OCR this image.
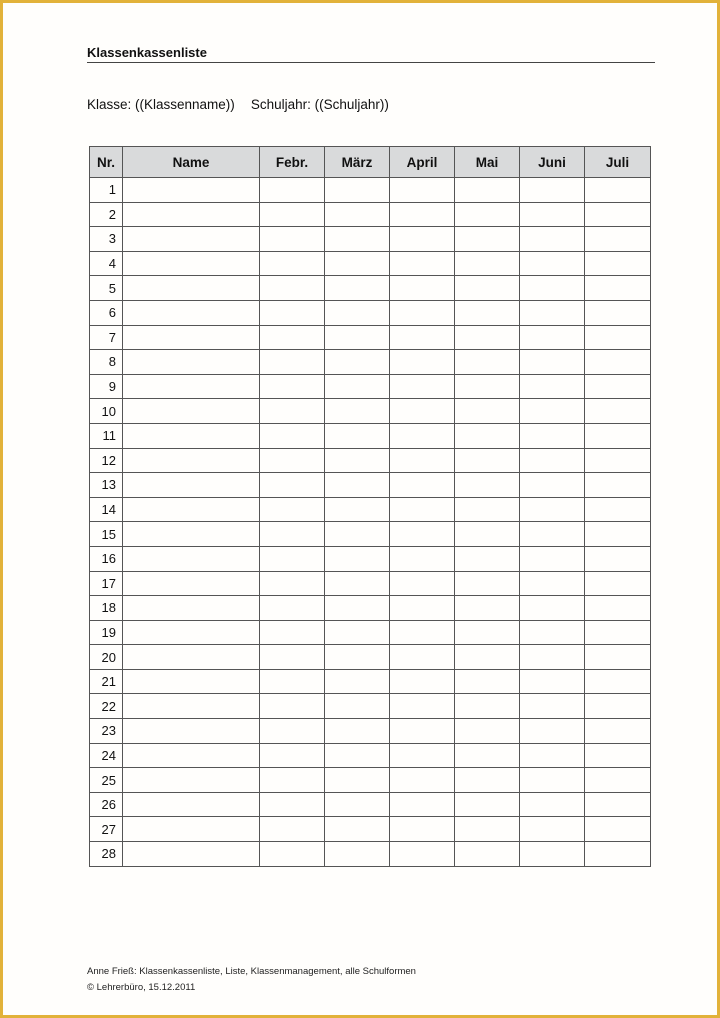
Klassenkassenliste
Klasse: ((Klassenname)) Schuljahr: ((Schuljahr))
Nr.	Name	Febr.	März	April	Mai	Juni	Juli
1							
2							
3							
4							
5							
6							
7							
8							
9							
10							
11							
12							
13							
14							
15							
16							
17							
18							
19							
20							
21							
22							
23							
24							
25							
26							
27							
28							
Anne Frieß: Klassenkassenliste, Liste, Klassenmanagement, alle Schulformen
© Lehrerbüro, 15.12.2011
